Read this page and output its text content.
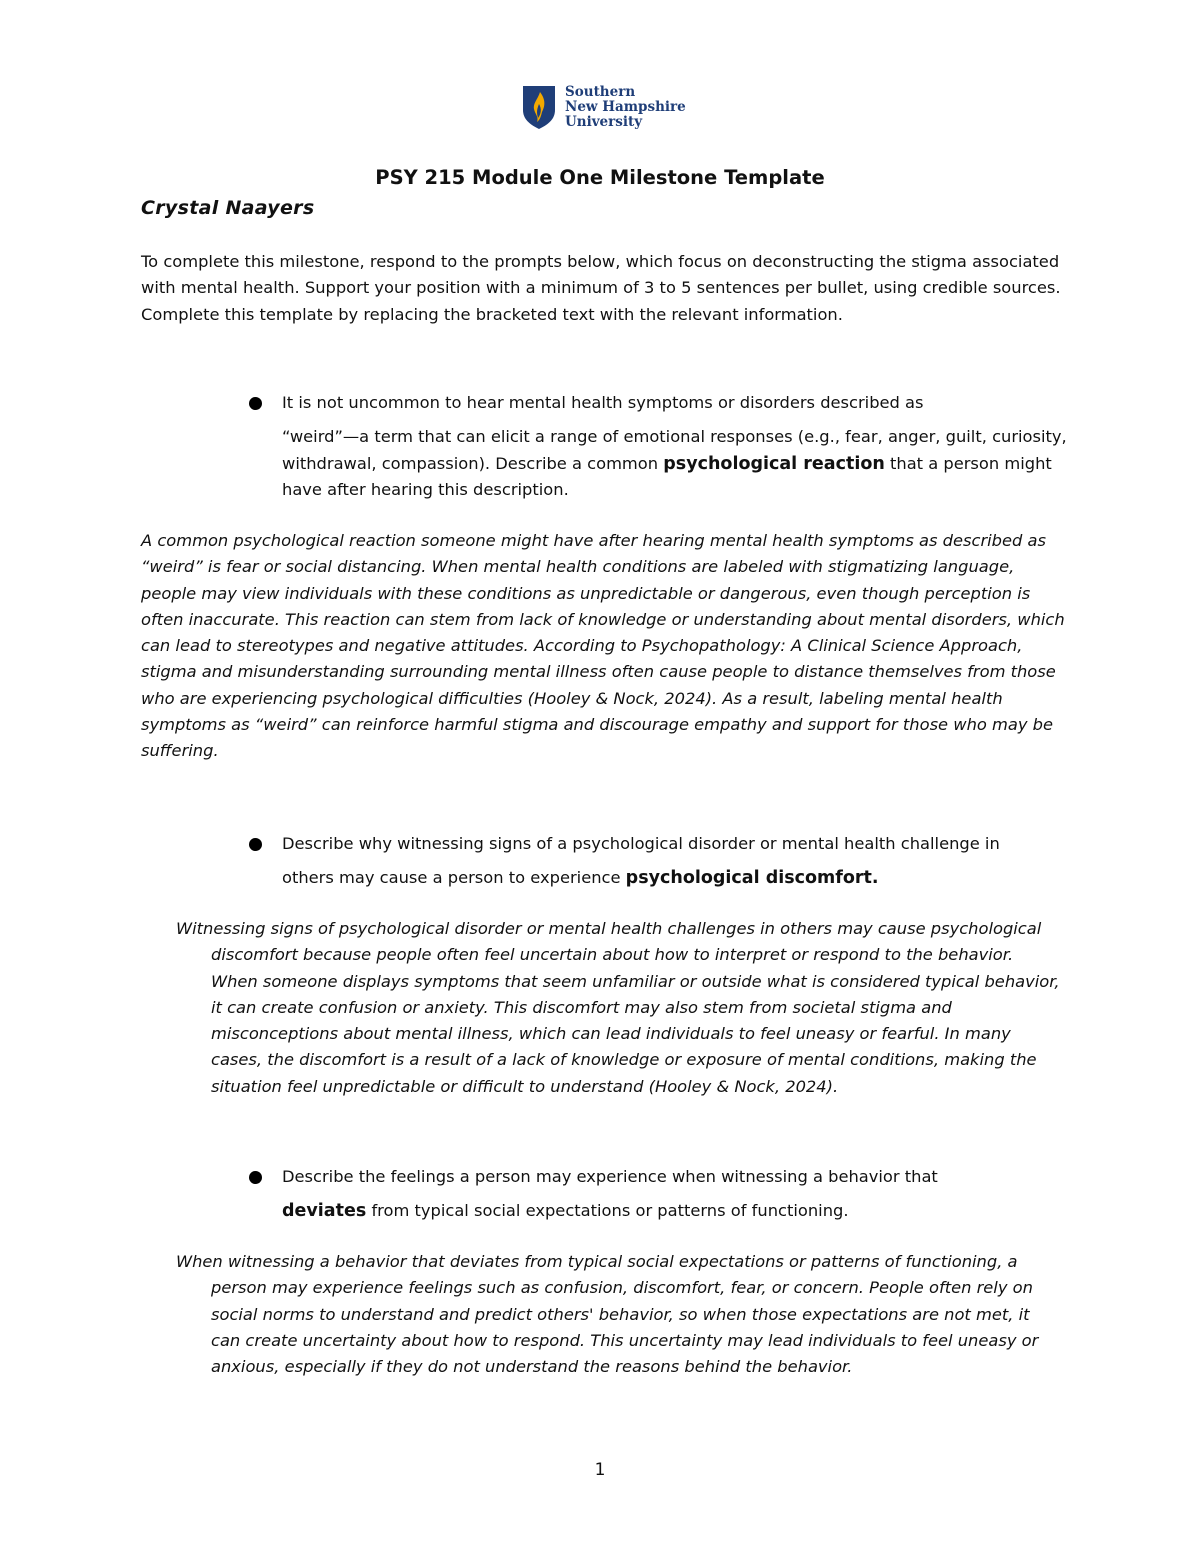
Southern
New Hampshire
University
PSY 215 Module One Milestone Template

Crystal Naayers

To complete this milestone, respond to the prompts below, which focus on deconstructing the stigma associated with mental health. Support your position with a minimum of 3 to 5 sentences per bullet, using credible sources. Complete this template by replacing the bracketed text with the relevant information.

It is not uncommon to hear mental health symptoms or disorders described as
“weird”—a term that can elicit a range of emotional responses (e.g., fear, anger, guilt, curiosity, withdrawal, compassion). Describe a common psychological reaction that a person might have after hearing this description.

A common psychological reaction someone might have after hearing mental health symptoms as described as “weird” is fear or social distancing. When mental health conditions are labeled with stigmatizing language, people may view individuals with these conditions as unpredictable or dangerous, even though perception is often inaccurate. This reaction can stem from lack of knowledge or understanding about mental disorders, which can lead to stereotypes and negative attitudes. According to Psychopathology: A Clinical Science Approach, stigma and misunderstanding surrounding mental illness often cause people to distance themselves from those who are experiencing psychological difficulties (Hooley & Nock, 2024). As a result, labeling mental health symptoms as “weird” can reinforce harmful stigma and discourage empathy and support for those who may be suffering.

Describe why witnessing signs of a psychological disorder or mental health challenge in
others may cause a person to experience psychological discomfort.

Witnessing signs of psychological disorder or mental health challenges in others may cause psychological discomfort because people often feel uncertain about how to interpret or respond to the behavior. When someone displays symptoms that seem unfamiliar or outside what is considered typical behavior, it can create confusion or anxiety. This discomfort may also stem from societal stigma and misconceptions about mental illness, which can lead individuals to feel uneasy or fearful. In many cases, the discomfort is a result of a lack of knowledge or exposure of mental conditions, making the situation feel unpredictable or difficult to understand (Hooley & Nock, 2024).

Describe the feelings a person may experience when witnessing a behavior that
deviates from typical social expectations or patterns of functioning.

When witnessing a behavior that deviates from typical social expectations or patterns of functioning, a person may experience feelings such as confusion, discomfort, fear, or concern. People often rely on social norms to understand and predict others' behavior, so when those expectations are not met, it can create uncertainty about how to respond. This uncertainty may lead individuals to feel uneasy or anxious, especially if they do not understand the reasons behind the behavior.

1
